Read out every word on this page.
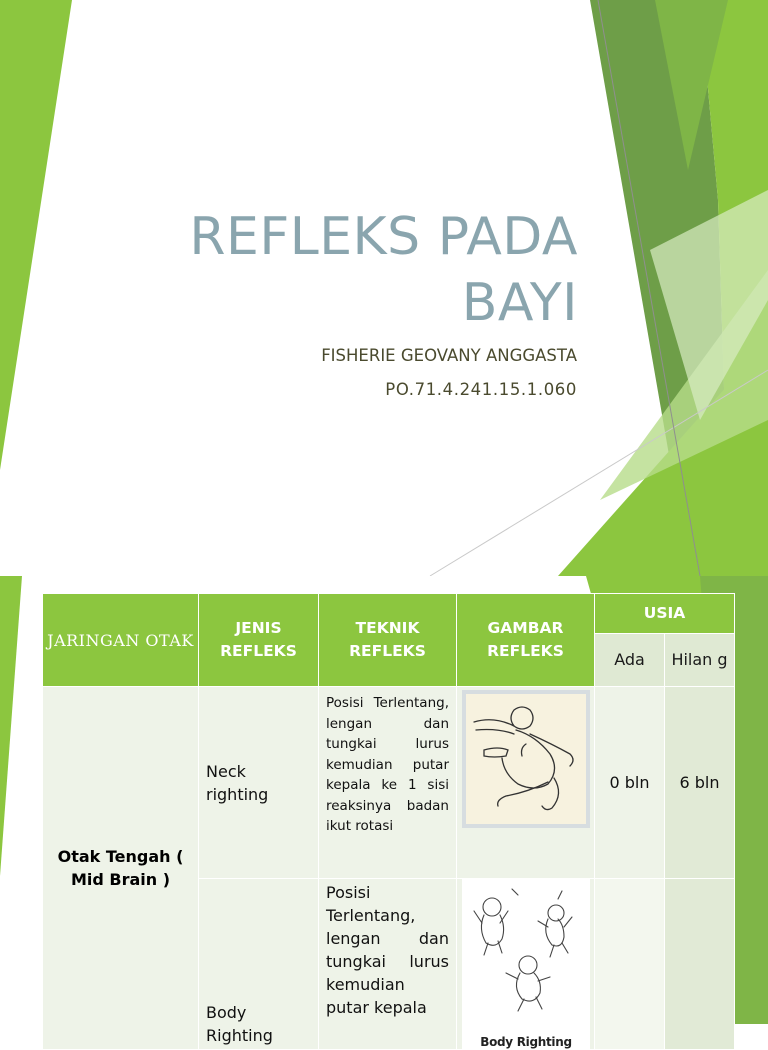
REFLEKS PADA
BAYI
FISHERIE GEOVANY ANGGASTA
PO.71.4.241.15.1.060
JARINGAN OTAK	JENIS REFLEKS	TEKNIK REFLEKS	GAMBAR REFLEKS	USIA	
				Ada	Hilan g
Otak Tengah ( Mid Brain )	Neck righting	Posisi Terlentang, lengan dan tungkai lurus kemudian putar kepala ke 1 sisi reaksinya badan ikut rotasi		0 bln	6 bln
	Body Righting	Posisi Terlentang, lengan dan tungkai lurus kemudian putar kepala	Body Righting		
